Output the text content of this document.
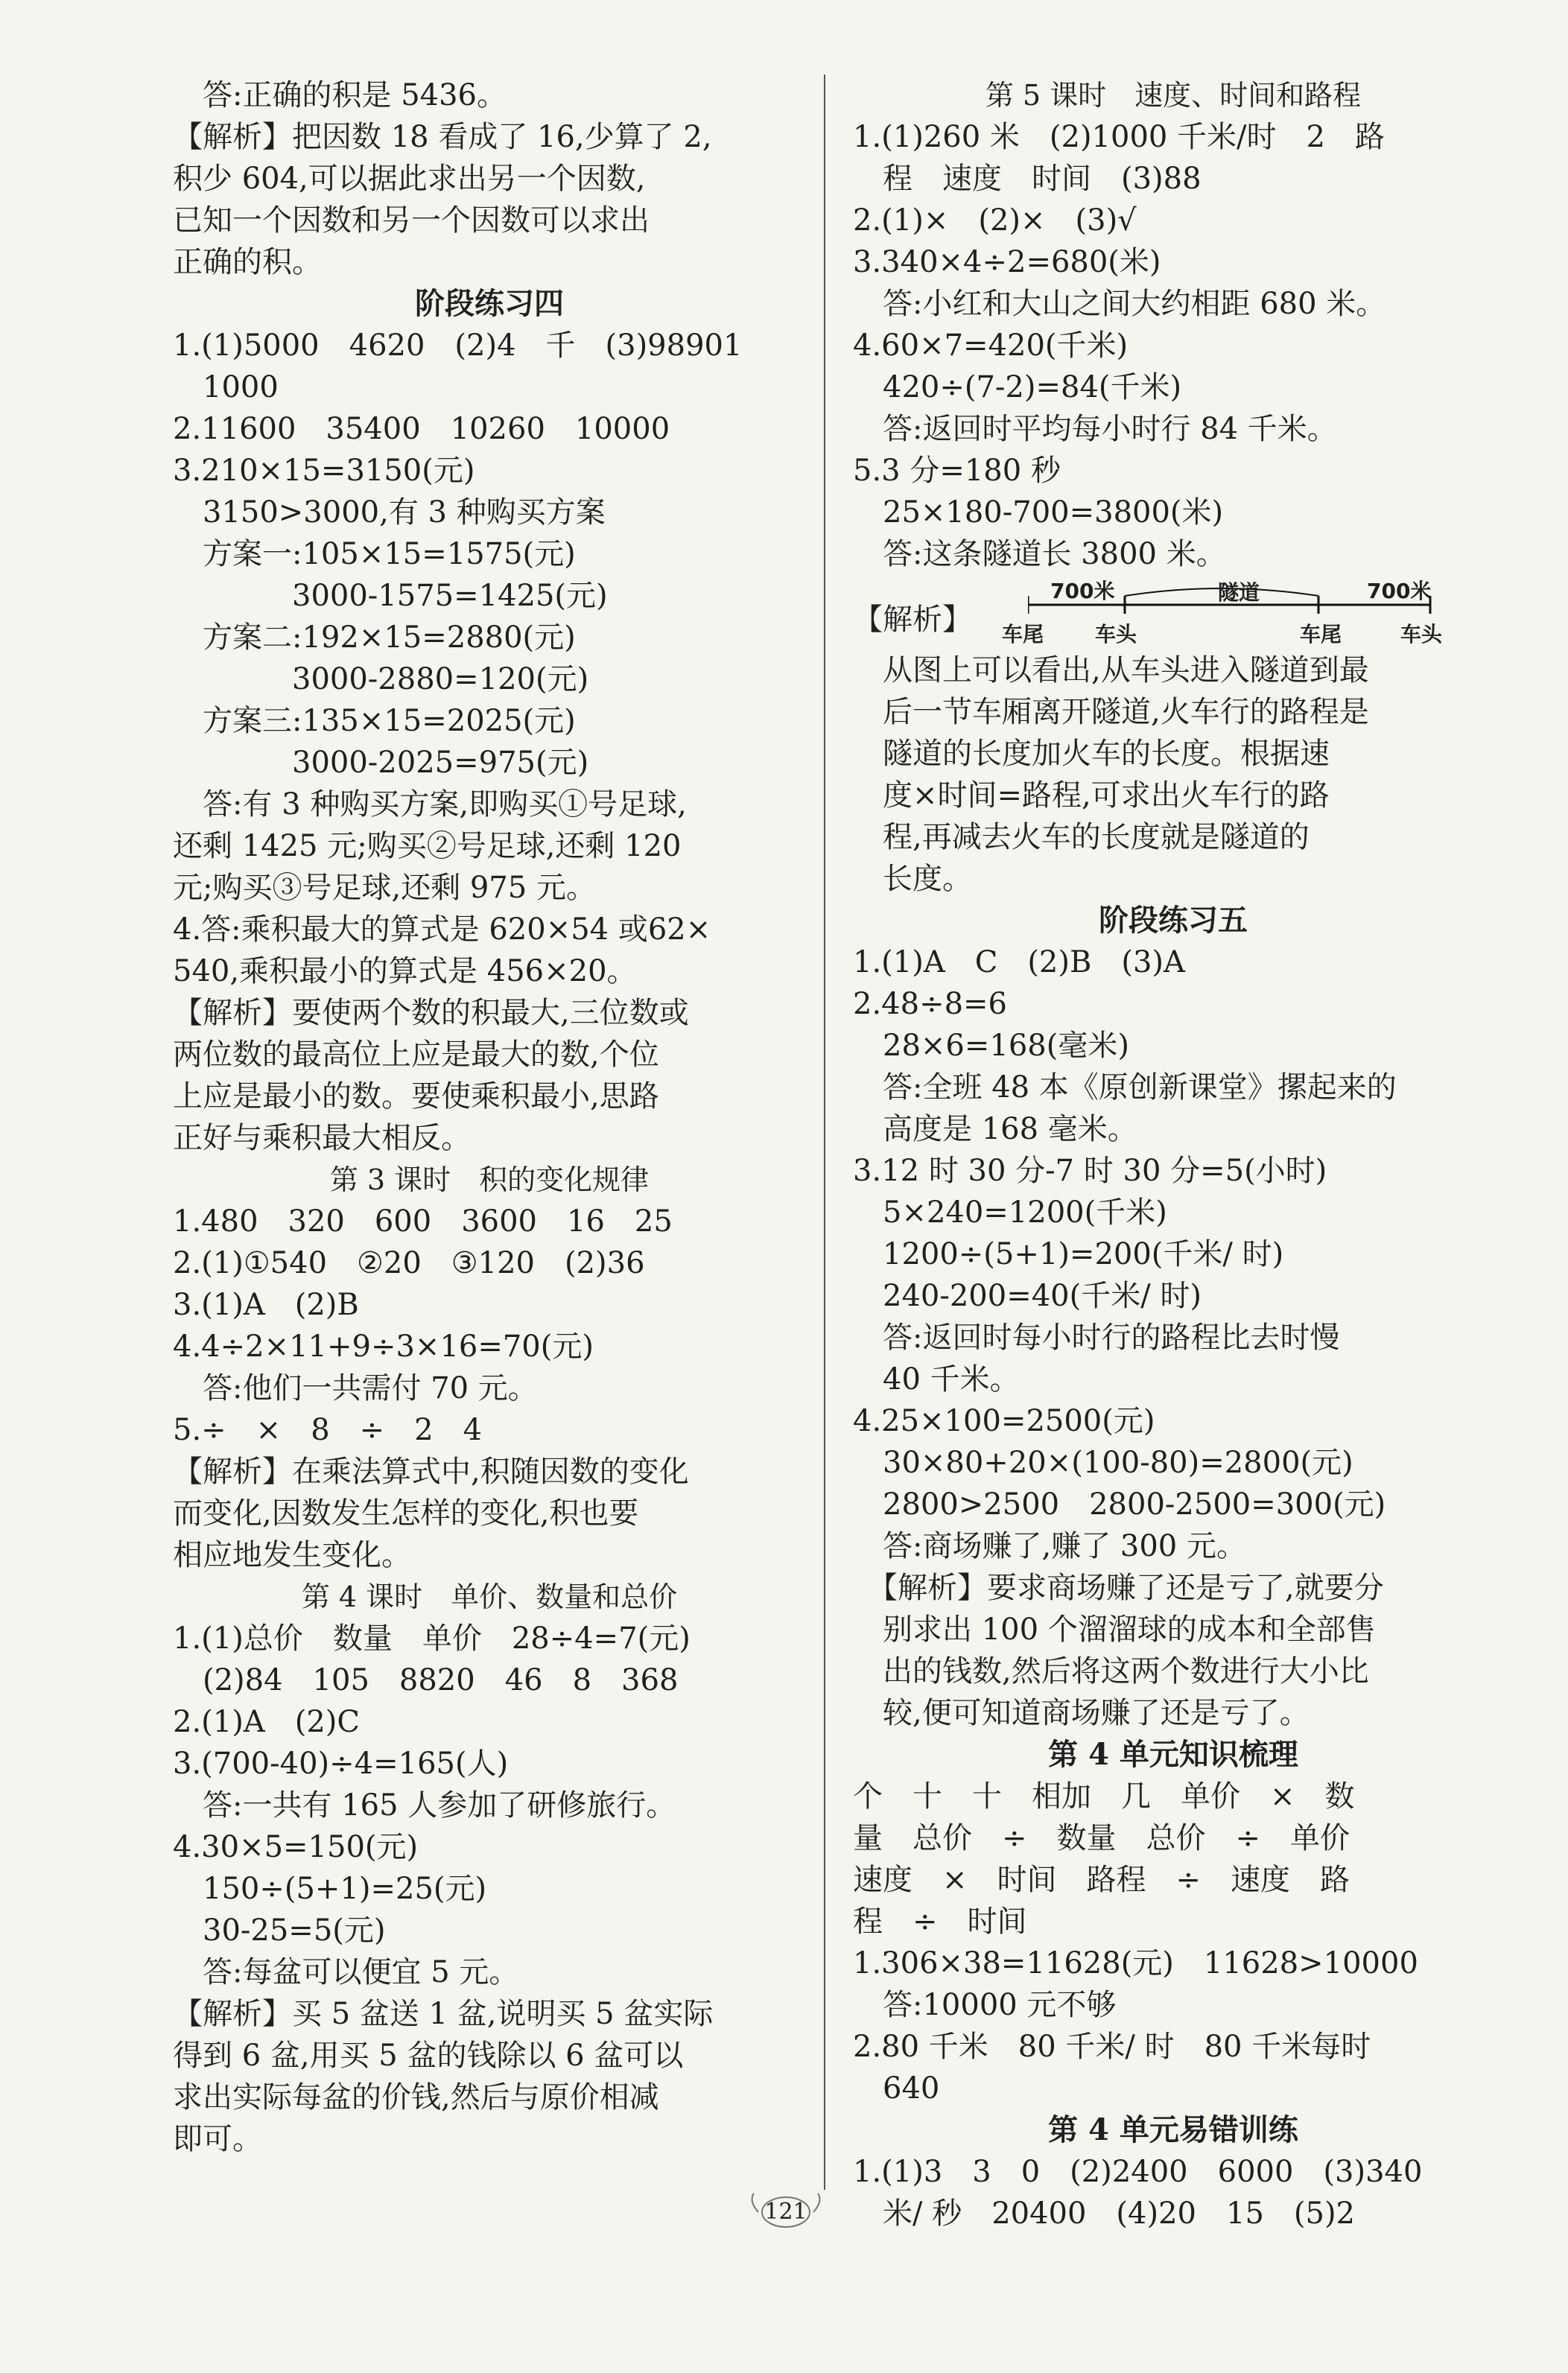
　答:正确的积是 5436。
【解析】把因数 18 看成了 16,少算了 2,
积少 604,可以据此求出另一个因数,
已知一个因数和另一个因数可以求出
正确的积。
阶段练习四
1.(1)5000　4620　(2)4　千　(3)98901
　1000
2.11600　35400　10260　10000
3.210×15=3150(元)
　3150>3000,有 3 种购买方案
　方案一:105×15=1575(元)
　　　　3000-1575=1425(元)
　方案二:192×15=2880(元)
　　　　3000-2880=120(元)
　方案三:135×15=2025(元)
　　　　3000-2025=975(元)
　答:有 3 种购买方案,即购买①号足球,
还剩 1425 元;购买②号足球,还剩 120
元;购买③号足球,还剩 975 元。
4.答:乘积最大的算式是 620×54 或62×
540,乘积最小的算式是 456×20。
【解析】要使两个数的积最大,三位数或
两位数的最高位上应是最大的数,个位
上应是最小的数。要使乘积最小,思路
正好与乘积最大相反。
第 3 课时　积的变化规律
1.480　320　600　3600　16　25
2.(1)①540　②20　③120　(2)36
3.(1)A　(2)B
4.4÷2×11+9÷3×16=70(元)
　答:他们一共需付 70 元。
5.÷　×　8　÷　2　4
【解析】在乘法算式中,积随因数的变化
而变化,因数发生怎样的变化,积也要
相应地发生变化。
第 4 课时　单价、数量和总价
1.(1)总价　数量　单价　28÷4=7(元)
　(2)84　105　8820　46　8　368
2.(1)A　(2)C
3.(700-40)÷4=165(人)
　答:一共有 165 人参加了研修旅行。
4.30×5=150(元)
　150÷(5+1)=25(元)
　30-25=5(元)
　答:每盆可以便宜 5 元。
【解析】买 5 盆送 1 盆,说明买 5 盆实际
得到 6 盆,用买 5 盆的钱除以 6 盆可以
求出实际每盆的价钱,然后与原价相减
即可。
第 5 课时　速度、时间和路程
1.(1)260 米　(2)1000 千米/时　2　路
　程　速度　时间　(3)88
2.(1)×　(2)×　(3)√
3.340×4÷2=680(米)
　答:小红和大山之间大约相距 680 米。
4.60×7=420(千米)
　420÷(7-2)=84(千米)
　答:返回时平均每小时行 84 千米。
5.3 分=180 秒
　25×180-700=3800(米)
　答:这条隧道长 3800 米。
【解析】
700米	隧道	700米
车尾 车头	车尾	车头
　从图上可以看出,从车头进入隧道到最
　后一节车厢离开隧道,火车行的路程是
　隧道的长度加火车的长度。根据速
　度×时间=路程,可求出火车行的路
　程,再减去火车的长度就是隧道的
　长度。
阶段练习五
1.(1)A　C　(2)B　(3)A
2.48÷8=6
　28×6=168(毫米)
　答:全班 48 本《原创新课堂》摞起来的
　高度是 168 毫米。
3.12 时 30 分-7 时 30 分=5(小时)
　5×240=1200(千米)
　1200÷(5+1)=200(千米/ 时)
　240-200=40(千米/ 时)
　答:返回时每小时行的路程比去时慢
　40 千米。
4.25×100=2500(元)
　30×80+20×(100-80)=2800(元)
　2800>2500　2800-2500=300(元)
　答:商场赚了,赚了 300 元。
　【解析】要求商场赚了还是亏了,就要分
　别求出 100 个溜溜球的成本和全部售
　出的钱数,然后将这两个数进行大小比
　较,便可知道商场赚了还是亏了。
第 4 单元知识梳理
个　十　十　相加　几　单价　×　数
量　总价　÷　数量　总价　÷　单价
速度　×　时间　路程　÷　速度　路
程　÷　时间
1.306×38=11628(元)　11628>10000
　答:10000 元不够
2.80 千米　80 千米/ 时　80 千米每时
　640
第 4 单元易错训练
1.(1)3　3　0　(2)2400　6000　(3)340
　米/ 秒　20400　(4)20　15　(5)2
121
